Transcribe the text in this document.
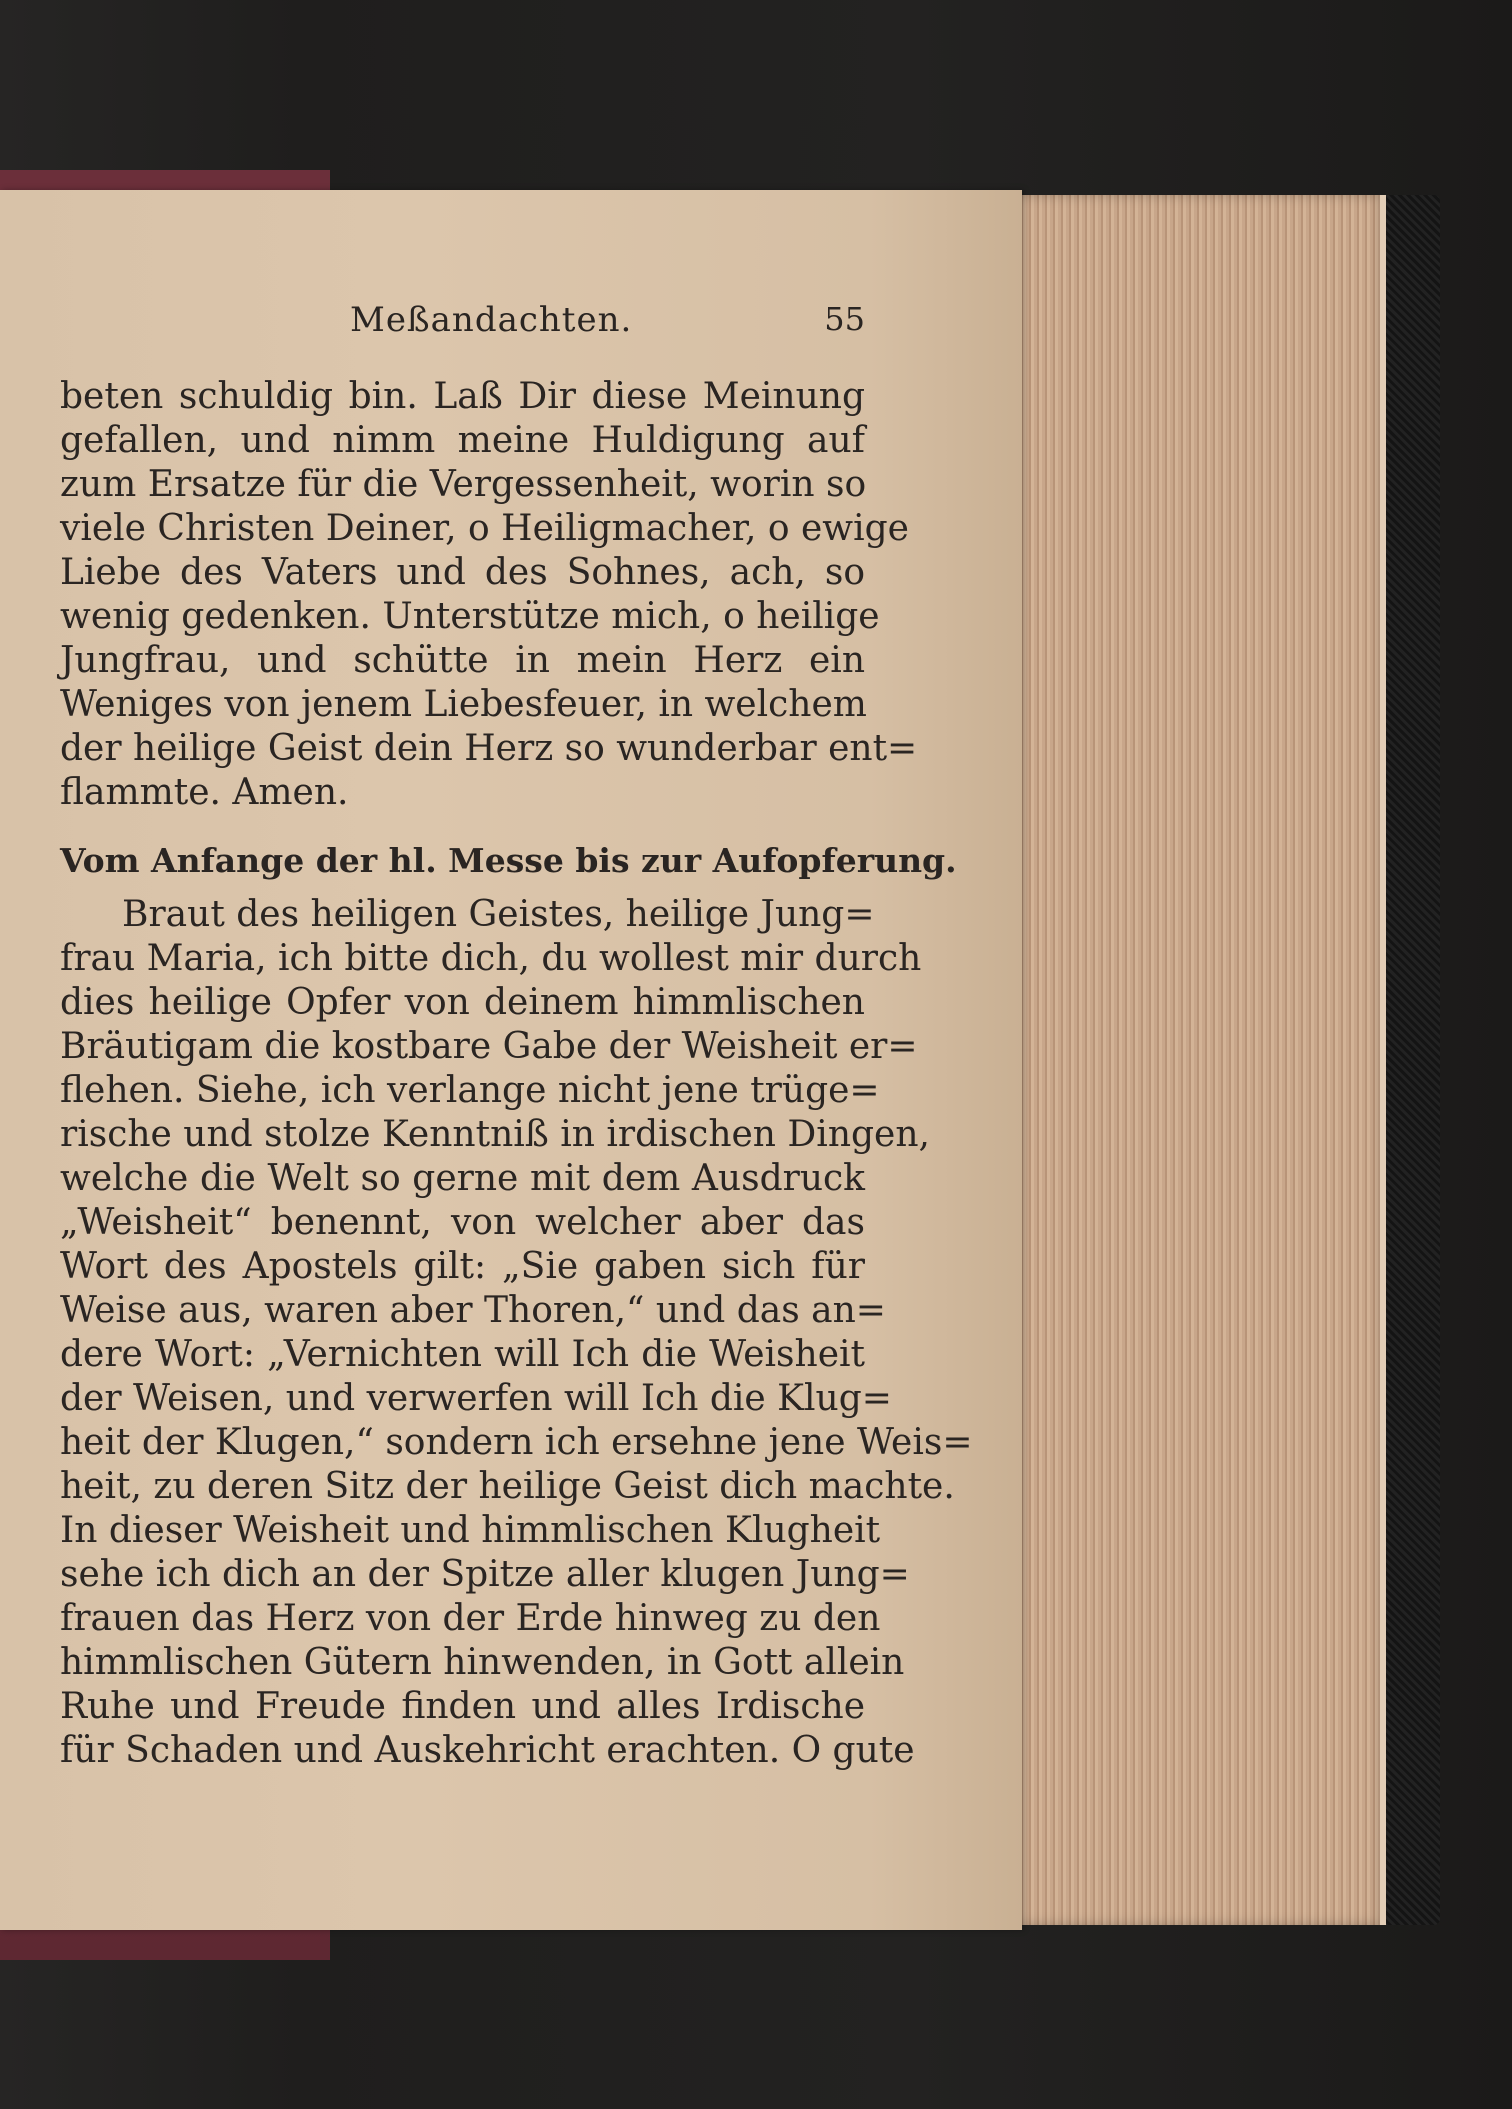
Meßandachten.	55
beten schuldig bin. Laß Dir diese Meinung
gefallen, und nimm meine Huldigung auf
zum Ersatze für die Vergessenheit, worin so
viele Christen Deiner, o Heiligmacher, o ewige
Liebe des Vaters und des Sohnes, ach, so
wenig gedenken. Unterstütze mich, o heilige
Jungfrau, und schütte in mein Herz ein
Weniges von jenem Liebesfeuer, in welchem
der heilige Geist dein Herz so wunderbar ent=
flammte. Amen.
Vom Anfange der hl. Messe bis zur Aufopferung.
Braut des heiligen Geistes, heilige Jung=
frau Maria, ich bitte dich, du wollest mir durch
dies heilige Opfer von deinem himmlischen
Bräutigam die kostbare Gabe der Weisheit er=
flehen. Siehe, ich verlange nicht jene trüge=
rische und stolze Kenntniß in irdischen Dingen,
welche die Welt so gerne mit dem Ausdruck
„Weisheit“ benennt, von welcher aber das
Wort des Apostels gilt: „Sie gaben sich für
Weise aus, waren aber Thoren,“ und das an=
dere Wort: „Vernichten will Ich die Weisheit
der Weisen, und verwerfen will Ich die Klug=
heit der Klugen,“ sondern ich ersehne jene Weis=
heit, zu deren Sitz der heilige Geist dich machte.
In dieser Weisheit und himmlischen Klugheit
sehe ich dich an der Spitze aller klugen Jung=
frauen das Herz von der Erde hinweg zu den
himmlischen Gütern hinwenden, in Gott allein
Ruhe und Freude finden und alles Irdische
für Schaden und Auskehricht erachten. O gute
